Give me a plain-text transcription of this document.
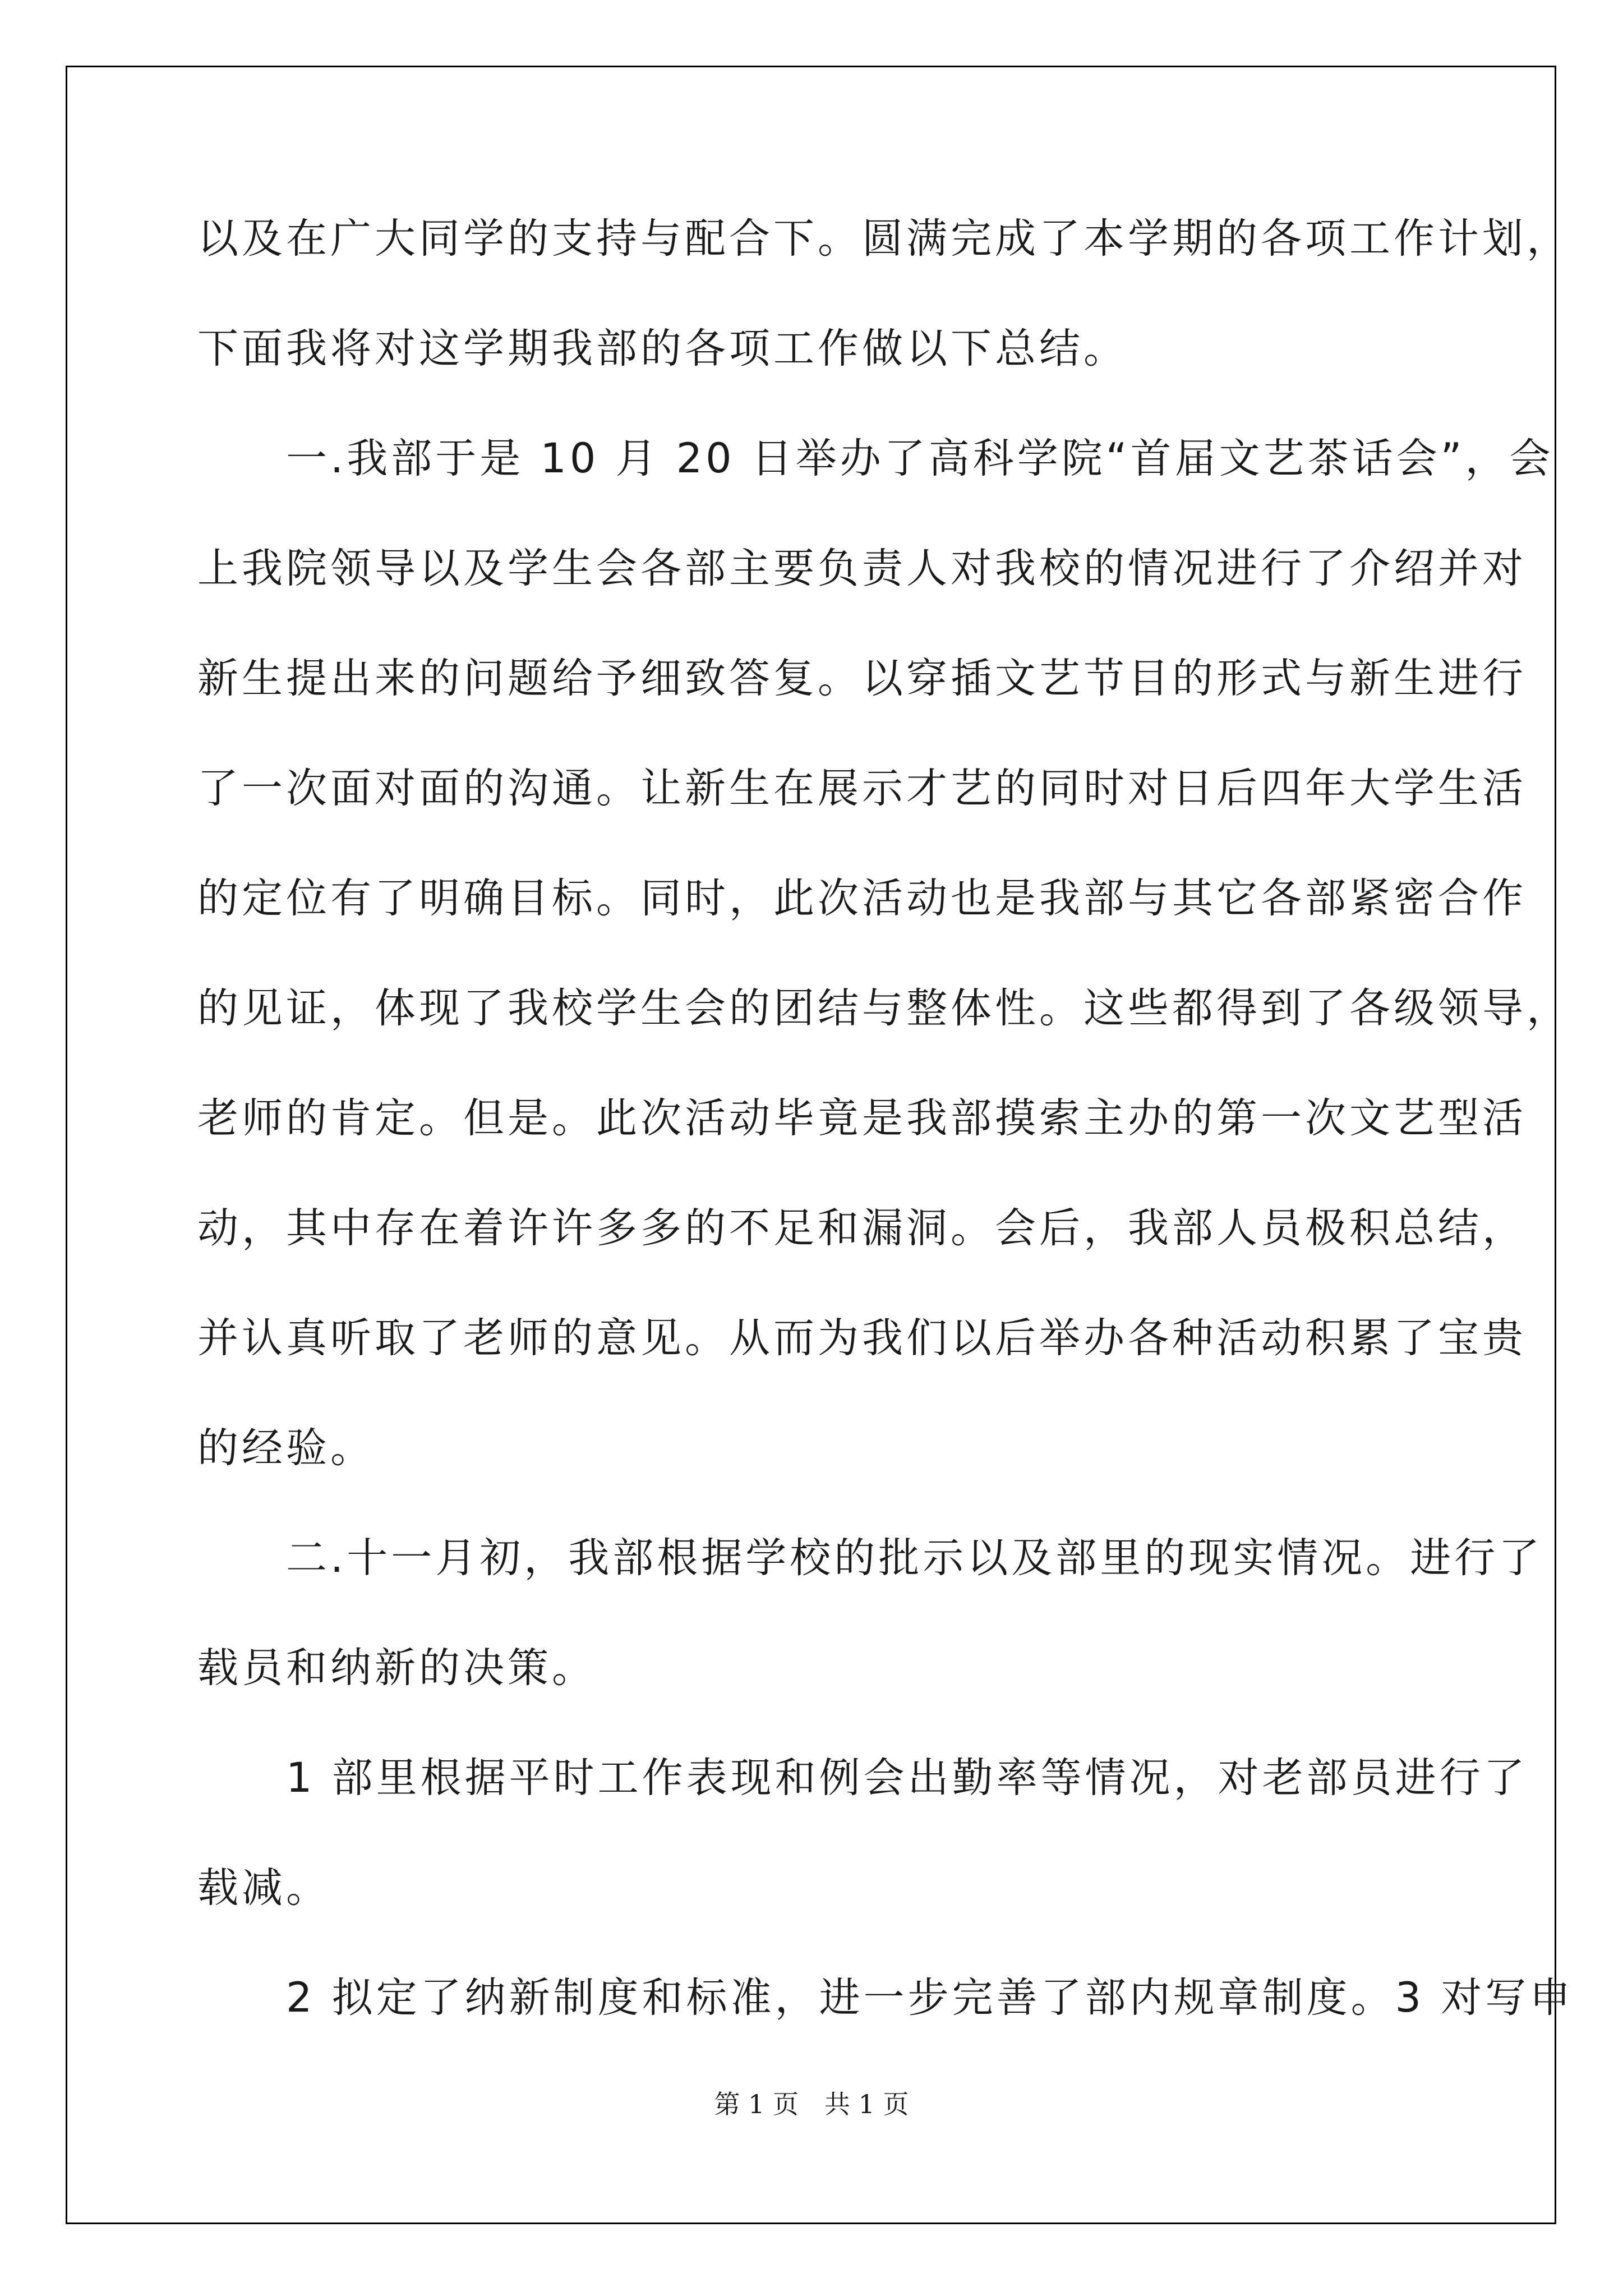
以及在广大同学的支持与配合下。圆满完成了本学期的各项工作计划，
下面我将对这学期我部的各项工作做以下总结。
　　一.我部于是 10 月 20 日举办了高科学院“首届文艺茶话会”，会
上我院领导以及学生会各部主要负责人对我校的情况进行了介绍并对
新生提出来的问题给予细致答复。以穿插文艺节目的形式与新生进行
了一次面对面的沟通。让新生在展示才艺的同时对日后四年大学生活
的定位有了明确目标。同时，此次活动也是我部与其它各部紧密合作
的见证，体现了我校学生会的团结与整体性。这些都得到了各级领导，
老师的肯定。但是。此次活动毕竟是我部摸索主办的第一次文艺型活
动，其中存在着许许多多的不足和漏洞。会后，我部人员极积总结，
并认真听取了老师的意见。从而为我们以后举办各种活动积累了宝贵
的经验。
　　二.十一月初，我部根据学校的批示以及部里的现实情况。进行了
载员和纳新的决策。
　　1 部里根据平时工作表现和例会出勤率等情况，对老部员进行了
载减。
　　2 拟定了纳新制度和标准，进一步完善了部内规章制度。3 对写申
第 1 页　共 1 页
